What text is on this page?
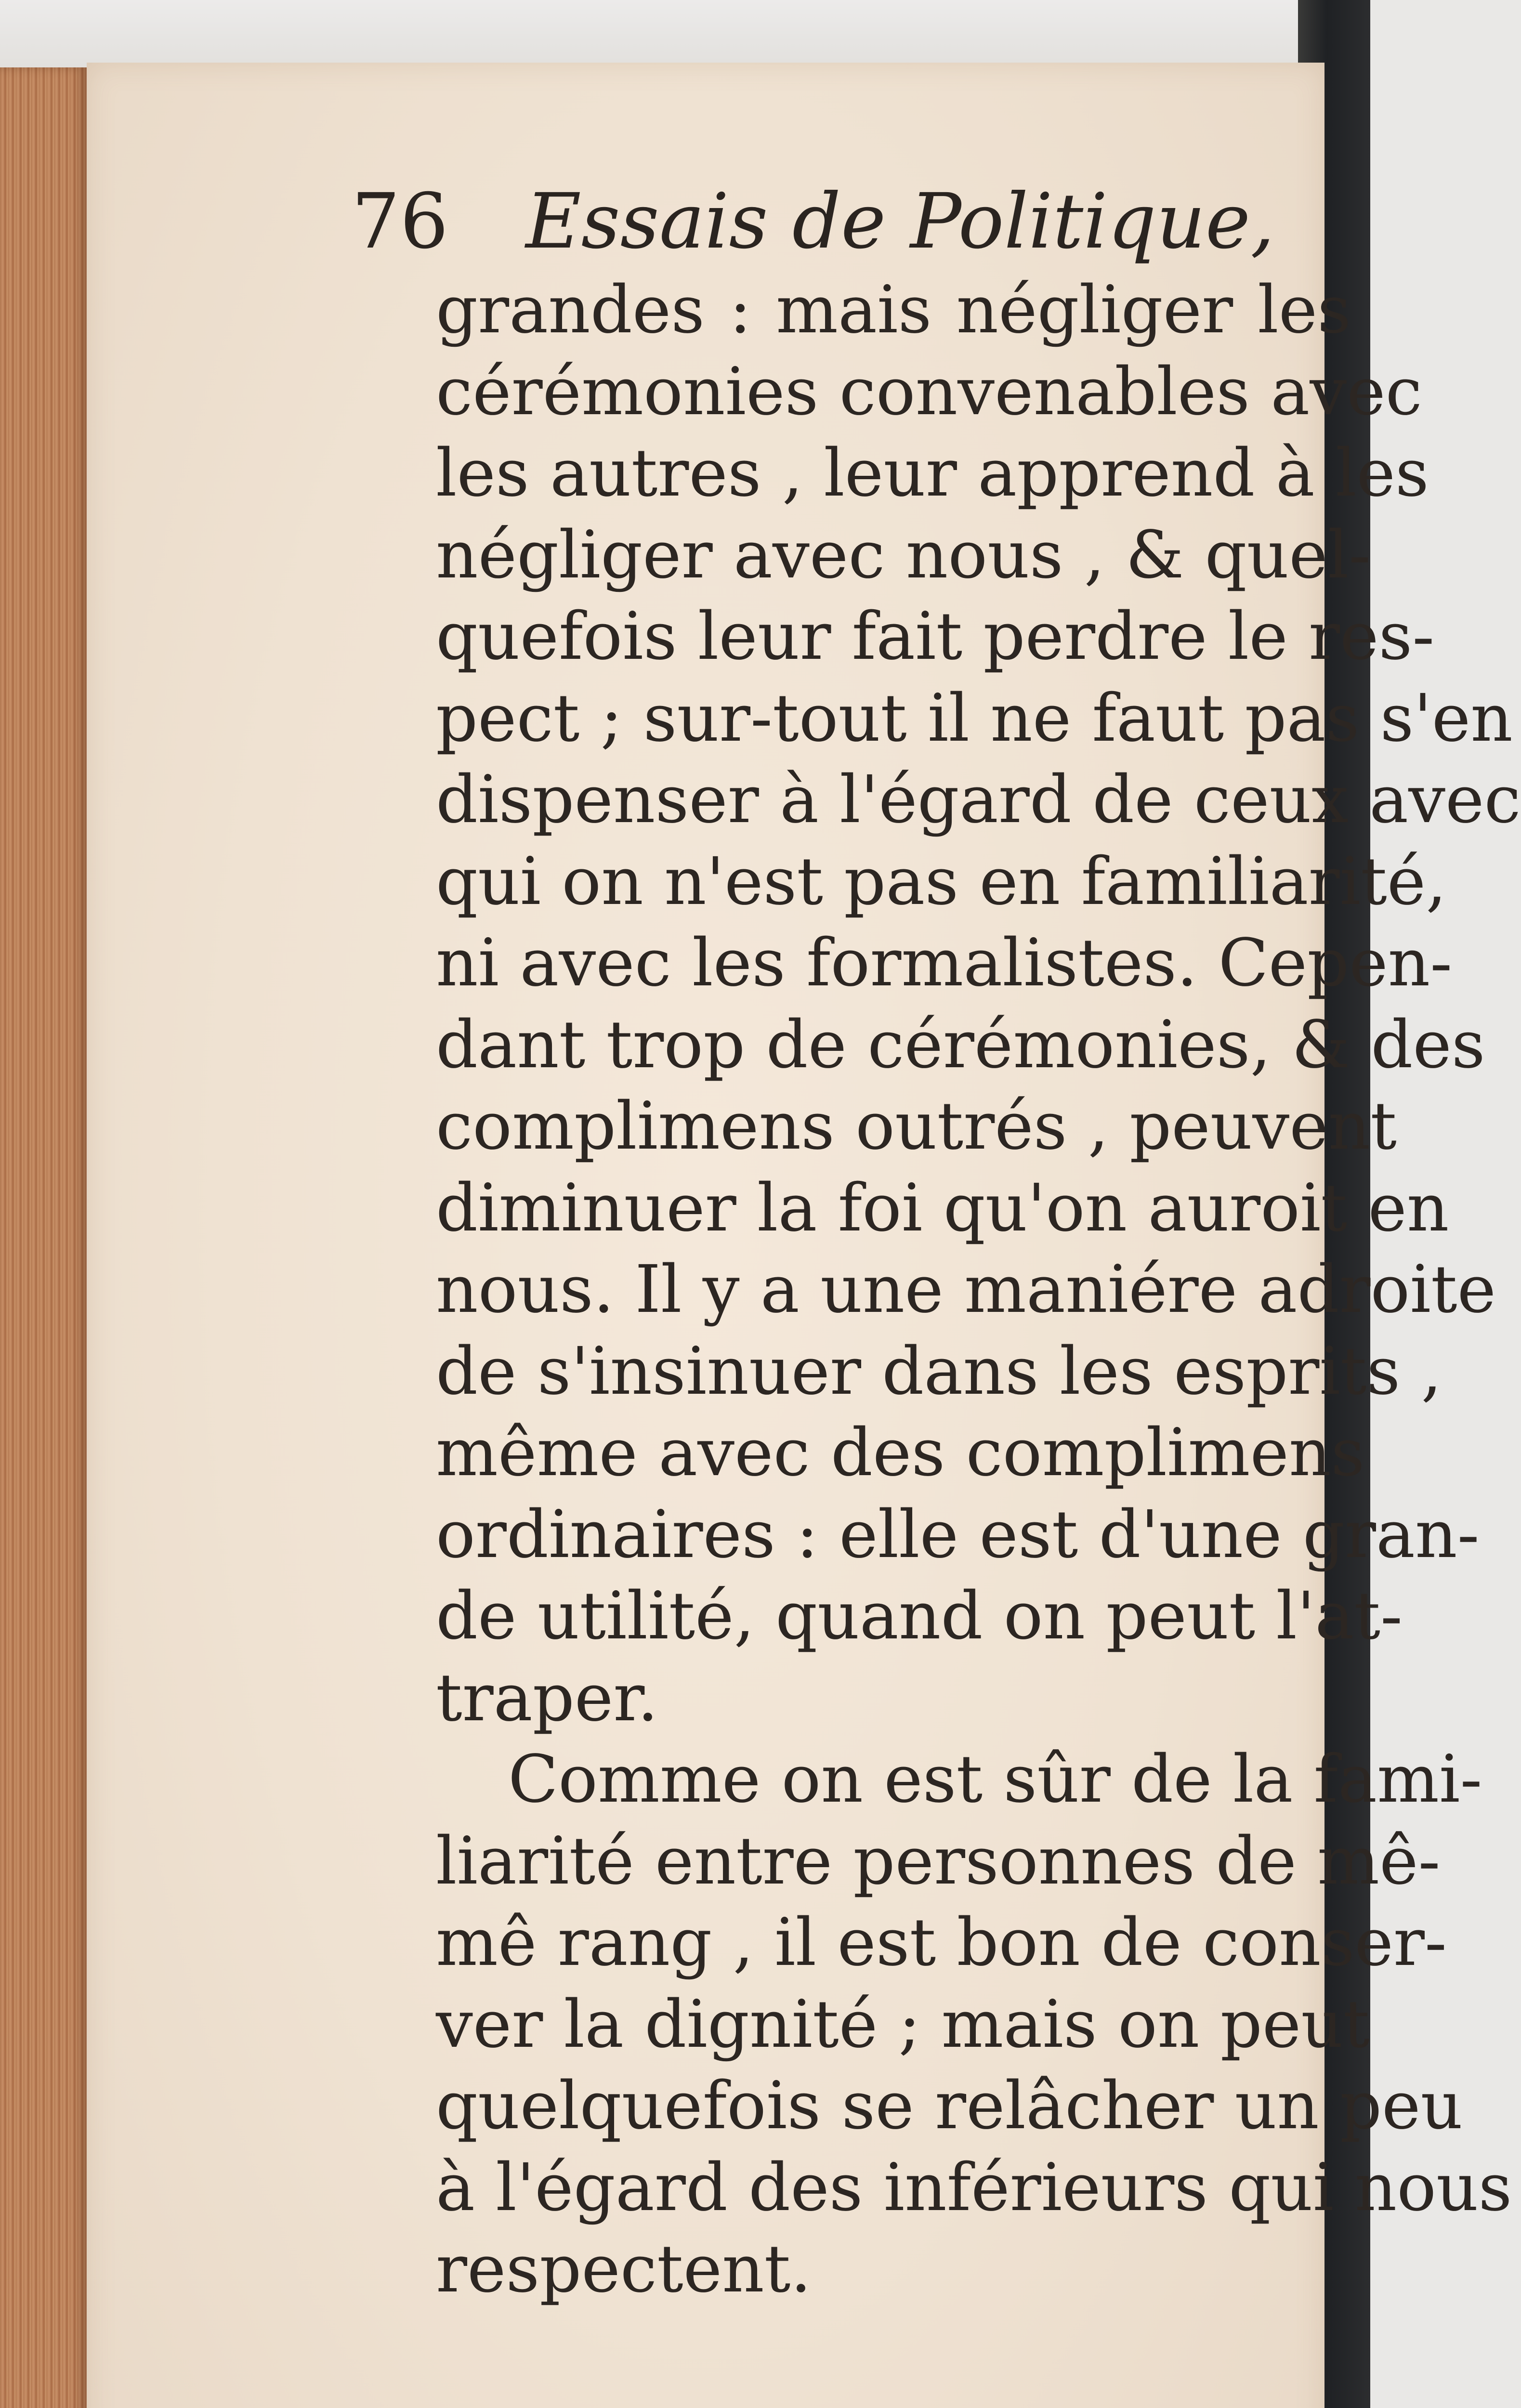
76 Essais de Politique,
grandes : mais négliger les
cérémonies convenables avec
les autres , leur apprend à les
négliger avec nous , & quel-
quefois leur fait perdre le res-
pect ; sur-tout il ne faut pas s'en
dispenser à l'égard de ceux avec
qui on n'est pas en familiarité,
ni avec les formalistes. Cepen-
dant trop de cérémonies, & des
complimens outrés , peuvent
diminuer la foi qu'on auroit en
nous. Il y a une maniére adroite
de s'insinuer dans les esprits ,
même avec des complimens
ordinaires : elle est d'une gran-
de utilité, quand on peut l'at-
traper.
Comme on est sûr de la fami-
liarité entre personnes de mê-
mê rang , il est bon de conser-
ver la dignité ; mais on peut
quelquefois se relâcher un peu
à l'égard des inférieurs qui nous
respectent.
